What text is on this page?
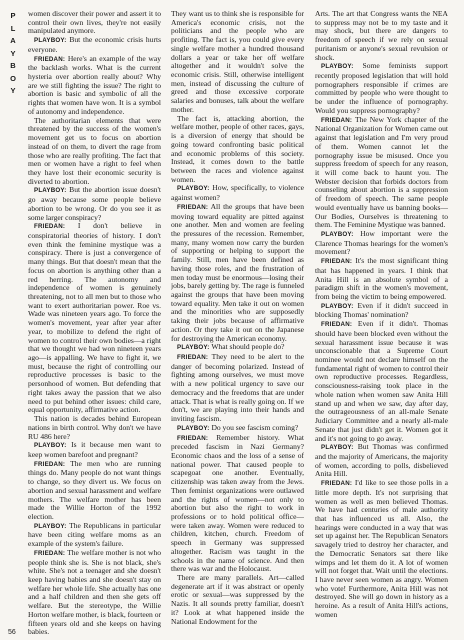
PLAYBOY

women discover their power and assert it to control their own lives, they're not easily manipulated anymore.

PLAYBOY: But the economic crisis hurts everyone.

FRIEDAN: Here's an example of the way the backlash works. What is the current hysteria over abortion really about? Why are we still fighting the issue? The right to abortion is basic and symbolic of all the rights that women have won. It is a symbol of autonomy and independence.

The authoritarian elements that were threatened by the success of the women's movement get us to focus on abortion instead of on them, to divert the rage from those who are really profiting. The fact that men or women have a right to feel when they have lost their economic security is diverted to abortion.

PLAYBOY: But the abortion issue doesn't go away because some people believe abortion to be wrong. Or do you see it as some larger conspiracy?

FRIEDAN: I don't believe in conspiratorial theories of history. I don't even think the feminine mystique was a conspiracy. There is just a convergence of many things. But that doesn't mean that the focus on abortion is anything other than a red herring. The autonomy and independence of women is genuinely threatening, not to all men but to those who want to exert authoritarian power. Roe vs. Wade was nineteen years ago. To force the women's movement, year after year after year, to mobilize to defend the right of women to control their own bodies—a right that we thought we had won nineteen years ago—is appalling. We have to fight it, we must, because the right of controlling our reproductive processes is basic to the personhood of women. But defending that right takes away the passion that we also need to put behind other issues: child care, equal opportunity, affirmative action.

This nation is decades behind European nations in birth control. Why don't we have RU 486 here?

PLAYBOY: Is it because men want to keep women barefoot and pregnant?

FRIEDAN: The men who are running things do. Many people do not want things to change, so they divert us. We focus on abortion and sexual harassment and welfare mothers. The welfare mother has been made the Willie Horton of the 1992 election.

PLAYBOY: The Republicans in particular have been citing welfare moms as an example of the system's failure.

FRIEDAN: The welfare mother is not who people think she is. She is not black, she's white. She's not a teenager and she doesn't keep having babies and she doesn't stay on welfare her whole life. She actually has one and a half children and then she gets off welfare. But the stereotype, the Willie Horton welfare mother, is black, fourteen or fifteen years old and she keeps on having babies.

They want us to think she is responsible for America's economic crisis, not the politicians and the people who are profiting. The fact is, you could give every single welfare mother a hundred thousand dollars a year or take her off welfare altogether and it wouldn't solve the economic crisis. Still, otherwise intelligent men, instead of discussing the culture of greed and those excessive corporate salaries and bonuses, talk about the welfare mother.

The fact is, attacking abortion, the welfare mother, people of other races, gays, is a diversion of energy that should be going toward confronting basic political and economic problems of this society. Instead, it comes down to the battle between the races and violence against women.

PLAYBOY: How, specifically, to violence against women?

FRIEDAN: All the groups that have been moving toward equality are pitted against one another. Men and women are feeling the pressures of the recession. Remember, many, many women now carry the burden of supporting or helping to support the family. Still, men have been defined as having those roles, and the frustration of men today must be enormous—losing their jobs, barely getting by. The rage is funneled against the groups that have been moving toward equality. Men take it out on women and the minorities who are supposedly taking their jobs because of affirmative action. Or they take it out on the Japanese for destroying the American economy.

PLAYBOY: What should people do?

FRIEDAN: They need to be alert to the danger of becoming polarized. Instead of fighting among ourselves, we must move with a new political urgency to save our democracy and the freedoms that are under attack. That is what is really going on. If we don't, we are playing into their hands and inviting fascism.

PLAYBOY: Do you see fascism coming?

FRIEDAN: Remember history. What preceded fascism in Nazi Germany? Economic chaos and the loss of a sense of national power. That caused people to scapegoat one another. Eventually, citizenship was taken away from the Jews. Then feminist organizations were outlawed and the rights of women—not only to abortion but also the right to work in professions or to hold political office—were taken away. Women were reduced to children, kitchen, church. Freedom of speech in Germany was suppressed altogether. Racism was taught in the schools in the name of science. And then there was war and the Holocaust.

There are many parallels. Art—called degenerate art if it was abstract or openly erotic or sexual—was suppressed by the Nazis. It all sounds pretty familiar, doesn't it? Look at what happened inside the National Endowment for the

Arts. The art that Congress wants the NEA to suppress may not be to my taste and it may shock, but there are dangers to freedom of speech if we rely on sexual puritanism or anyone's sexual revulsion or shock.

PLAYBOY: Some feminists support recently proposed legislation that will hold pornographers responsible if crimes are committed by people who were thought to be under the influence of pornography. Would you suppress pornography?

FRIEDAN: The New York chapter of the National Organization for Women came out against that legislation and I'm very proud of them. Women cannot let the pornography issue be misused. Once you suppress freedom of speech for any reason, it will come back to haunt you. The Webster decision that forbids doctors from counseling about abortion is a suppression of freedom of speech. The same people would eventually have us banning books—Our Bodies, Ourselves is threatening to them. The Feminine Mystique was banned.

PLAYBOY: How important were the Clarence Thomas hearings for the women's movement?

FRIEDAN: It's the most significant thing that has happened in years. I think that Anita Hill is an absolute symbol of a paradigm shift in the women's movement, from being the victim to being empowered.

PLAYBOY: Even if it didn't succeed in blocking Thomas' nomination?

FRIEDAN: Even if it didn't. Thomas should have been blocked even without the sexual harassment issue because it was unconscionable that a Supreme Court nominee would not declare himself on the fundamental right of women to control their own reproductive processes. Regardless, consciousness-raising took place in the whole nation when women saw Anita Hill stand up and when we saw, day after day, the outrageousness of an all-male Senate Judiciary Committee and a nearly all-male Senate that just didn't get it. Women got it and it's not going to go away.

PLAYBOY: But Thomas was confirmed and the majority of Americans, the majority of women, according to polls, disbelieved Anita Hill.

FRIEDAN: I'd like to see those polls in a little more depth. It's not surprising that women as well as men believed Thomas. We have had centuries of male authority that has influenced us all. Also, the hearings were conducted in a way that was set up against her. The Republican Senators savagely tried to destroy her character, and the Democratic Senators sat there like wimps and let them do it. A lot of women will not forget that. Wait until the elections. I have never seen women as angry. Women who vote! Furthermore, Anita Hill was not destroyed. She will go down in history as a heroine. As a result of Anita Hill's actions, women

56
